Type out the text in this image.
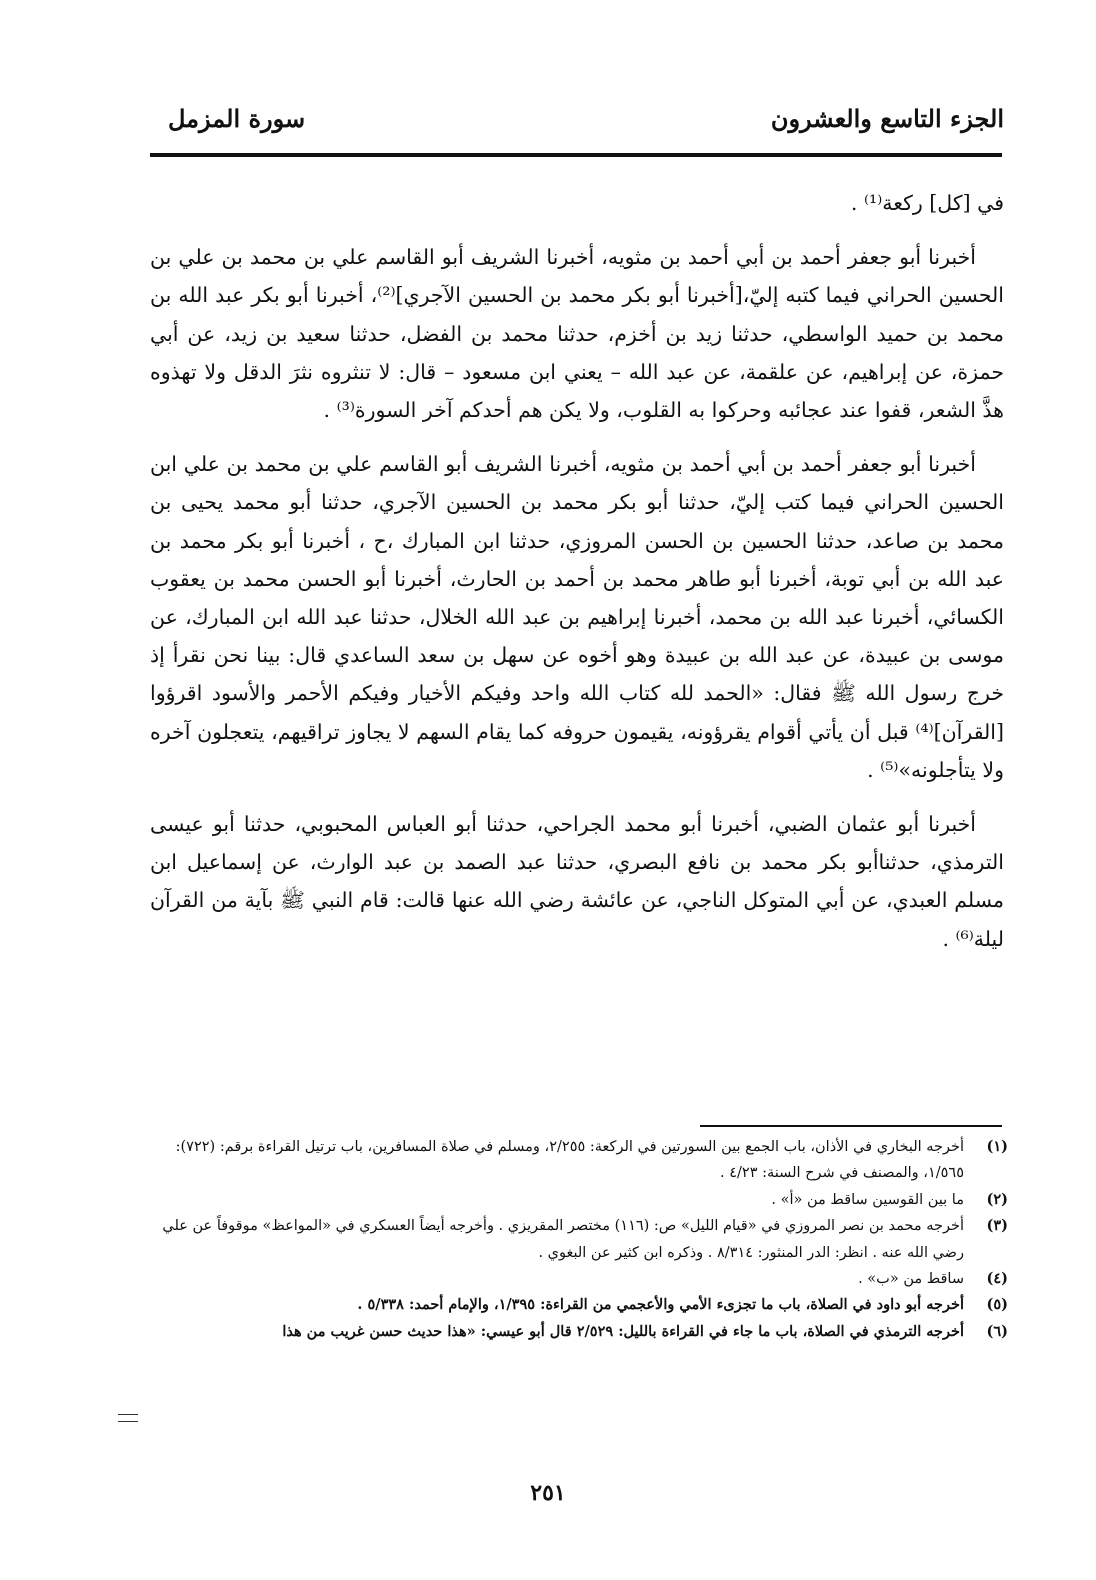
الجزء التاسع والعشرون
سورة المزمل

في [كل] ركعة⁽¹⁾ .

أخبرنا أبو جعفر أحمد بن أبي أحمد بن مثويه، أخبرنا الشريف أبو القاسم علي بن محمد بن علي بن الحسين الحراني فيما كتبه إليّ،[أخبرنا أبو بكر محمد بن الحسين الآجري]⁽²⁾، أخبرنا أبو بكر عبد الله بن محمد بن حميد الواسطي، حدثنا زيد بن أخزم، حدثنا محمد بن الفضل، حدثنا سعيد بن زيد، عن أبي حمزة، عن إبراهيم، عن علقمة، عن عبد الله – يعني ابن مسعود – قال: لا تنثروه نثرَ الدقل ولا تهذوه هذَّ الشعر، قفوا عند عجائبه وحركوا به القلوب، ولا يكن هم أحدكم آخر السورة⁽³⁾ .

أخبرنا أبو جعفر أحمد بن أبي أحمد بن مثويه، أخبرنا الشريف أبو القاسم علي بن محمد بن علي ابن الحسين الحراني فيما كتب إليّ، حدثنا أبو بكر محمد بن الحسين الآجري، حدثنا أبو محمد يحيى بن محمد بن صاعد، حدثنا الحسين بن الحسن المروزي، حدثنا ابن المبارك ،ح ، أخبرنا أبو بكر محمد بن عبد الله بن أبي توبة، أخبرنا أبو طاهر محمد بن أحمد بن الحارث، أخبرنا أبو الحسن محمد بن يعقوب الكسائي، أخبرنا عبد الله بن محمد، أخبرنا إبراهيم بن عبد الله الخلال، حدثنا عبد الله ابن المبارك، عن موسى بن عبيدة، عن عبد الله بن عبيدة وهو أخوه عن سهل بن سعد الساعدي قال: بينا نحن نقرأ إذ خرج رسول الله ﷺ فقال: «الحمد لله كتاب الله واحد وفيكم الأخيار وفيكم الأحمر والأسود اقرؤوا [القرآن]⁽⁴⁾ قبل أن يأتي أقوام يقرؤونه، يقيمون حروفه كما يقام السهم لا يجاوز تراقيهم، يتعجلون آخره ولا يتأجلونه»⁽⁵⁾ .

أخبرنا أبو عثمان الضبي، أخبرنا أبو محمد الجراحي، حدثنا أبو العباس المحبوبي، حدثنا أبو عيسى الترمذي، حدثناأبو بكر محمد بن نافع البصري، حدثنا عبد الصمد بن عبد الوارث، عن إسماعيل ابن مسلم العبدي، عن أبي المتوكل الناجي، عن عائشة رضي الله عنها قالت: قام النبي ﷺ بآية من القرآن ليلة⁽⁶⁾ .

(١)
أخرجه البخاري في الأذان، باب الجمع بين السورتين في الركعة: ٢/٢٥٥، ومسلم في صلاة المسافرين، باب ترتيل القراءة برقم: (٧٢٢): ١/٥٦٥، والمصنف في شرح السنة: ٤/٢٣ .
(٢)
ما بين القوسين ساقط من «أ» .
(٣)
أخرجه محمد بن نصر المروزي في «قيام الليل» ص: (١١٦) مختصر المقريزي . وأخرجه أيضاً العسكري في «المواعظ» موقوفاً عن علي رضي الله عنه . انظر: الدر المنثور: ٨/٣١٤ . وذكره ابن كثير عن البغوي .
(٤)
ساقط من «ب» .
(٥)
أخرجه أبو داود في الصلاة، باب ما تجزىء الأمي والأعجمي من القراءة: ١/٣٩٥، والإمام أحمد: ٥/٣٣٨ .
(٦)
أخرجه الترمذي في الصلاة، باب ما جاء في القراءة بالليل: ٢/٥٢٩ قال أبو عيسي: «هذا حديث حسن غريب من هذا
٢٥١
